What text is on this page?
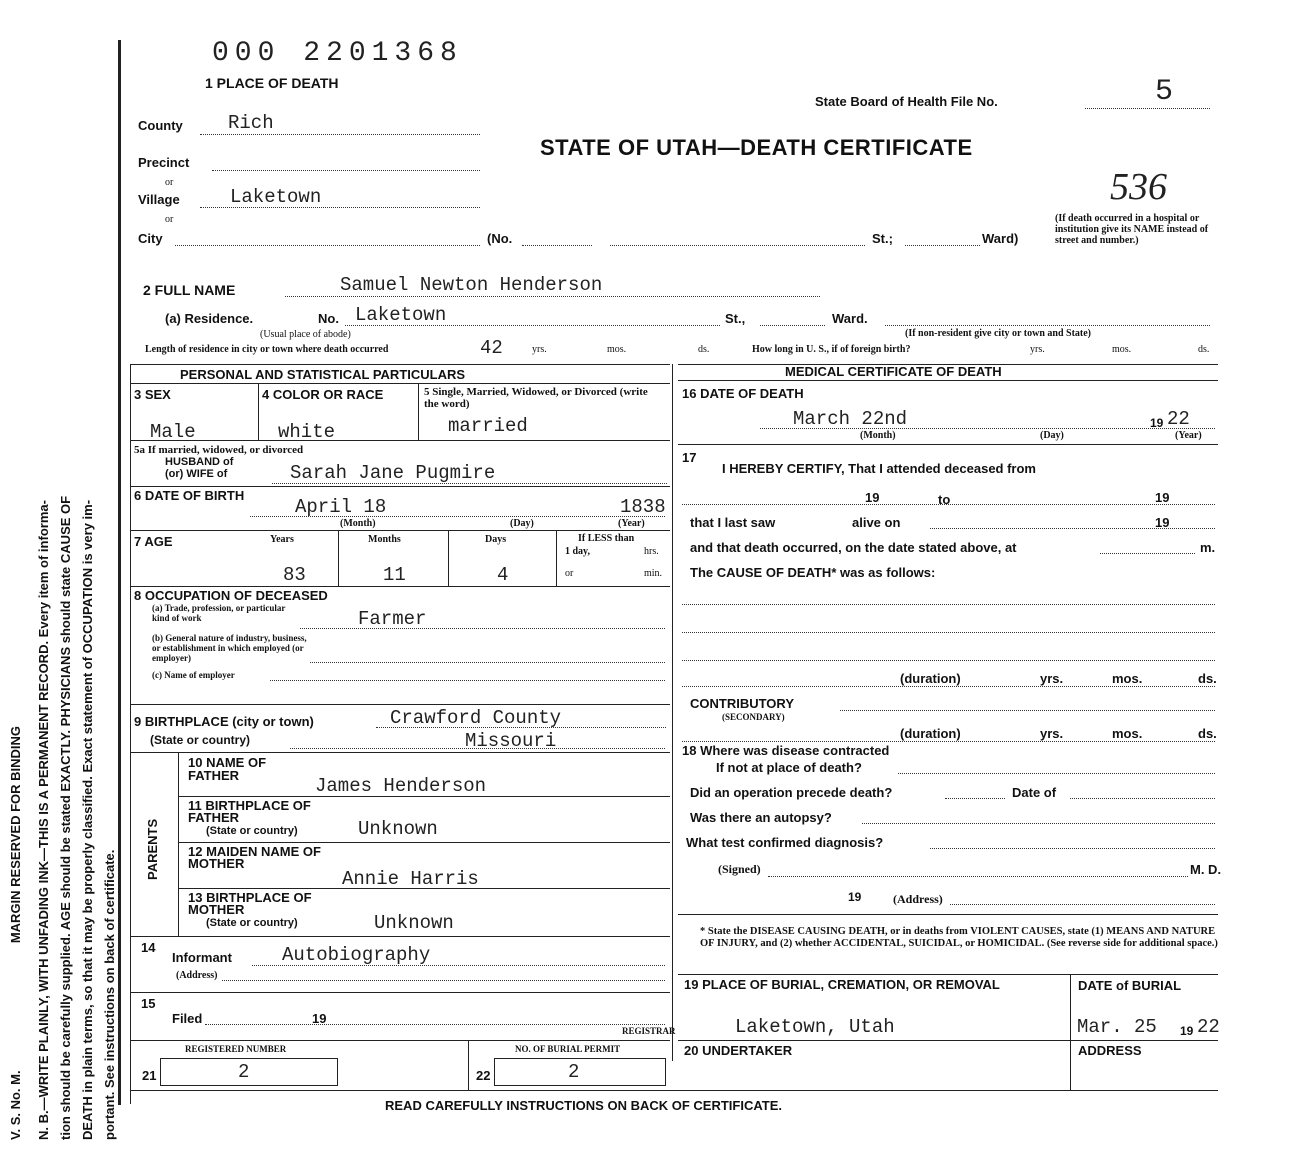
V. S. No. M.  MARGIN RESERVED FOR BINDING N. B.—WRITE PLAINLY, WITH UNFADING INK—THIS IS A PERMANENT RECORD. Every item of informa- tion should be carefully supplied. AGE should be stated EXACTLY. PHYSICIANS should state CAUSE OF DEATH in plain terms, so that it may be properly classified. Exact statement of OCCUPATION is very im- portant. See instructions on back of certificate.
000 2201368
1 PLACE OF DEATH
State Board of Health File No.	5
STATE OF UTAH—DEATH CERTIFICATE
536
County Rich
Precinct
or
Village	Laketown
or
City	(No.	St.;	Ward)
(If death occurred in a hospital or institution give its NAME instead of street and number.)
2 FULL NAME	Samuel Newton Henderson
(a) Residence.	No. Laketown
(Usual place of abode)
St.,	Ward.
(If non-resident give city or town and State)
Length of residence in city or town where death occurred	42	yrs.	mos.	ds.	How long in U. S., if of foreign birth?	yrs.	mos.	ds.
PERSONAL AND STATISTICAL PARTICULARS	MEDICAL CERTIFICATE OF DEATH
3 SEX
Male
4 COLOR OR RACE
white
5 Single, Married, Widowed, or Divorced (write the word)
married
5a If married, widowed, or divorced
HUSBAND of
(or) WIFE of	Sarah Jane Pugmire
6 DATE OF BIRTH
April 18	1838
(Month)	(Day)	(Year)
7 AGE	Years	Months	Days	If LESS than
1 day,	hrs.
or	min.
83	11	4
8 OCCUPATION OF DECEASED
(a) Trade, profession, or particular kind of work	Farmer
(b) General nature of industry, business, or establishment in which employed (or employer)
(c) Name of employer
9 BIRTHPLACE (city or town)	Crawford County
(State or country)	Missouri
PARENTS
10 NAME OF FATHER	James Henderson
11 BIRTHPLACE OF FATHER
(State or country)	Unknown
12 MAIDEN NAME OF MOTHER
Annie Harris
13 BIRTHPLACE OF MOTHER
(State or country)	Unknown
14
Informant	Autobiography
(Address)
15
Filed	19
REGISTRAR
REGISTERED NUMBER
21	2
NO. OF BURIAL PERMIT
22	2
16 DATE OF DEATH
March 22nd	19 22
(Month)	(Day)	(Year)
17
I HEREBY CERTIFY, That I attended deceased from
19	to	19
that I last saw	alive on	19
and that death occurred, on the date stated above, at	m.
The CAUSE OF DEATH* was as follows:
(duration)	yrs.	mos.	ds.
CONTRIBUTORY
(SECONDARY)
(duration)	yrs.	mos.	ds.
18 Where was disease contracted
If not at place of death?
Did an operation precede death?	Date of
Was there an autopsy?
What test confirmed diagnosis?
(Signed)	M. D.
19	(Address)
* State the DISEASE CAUSING DEATH, or in deaths from VIOLENT CAUSES, state (1) MEANS AND NATURE OF INJURY, and (2) whether ACCIDENTAL, SUICIDAL, or HOMICIDAL. (See reverse side for additional space.)
19 PLACE OF BURIAL, CREMATION, OR REMOVAL
Laketown, Utah
DATE of BURIAL
Mar. 25 19 22
20 UNDERTAKER	ADDRESS
READ CAREFULLY INSTRUCTIONS ON BACK OF CERTIFICATE.
